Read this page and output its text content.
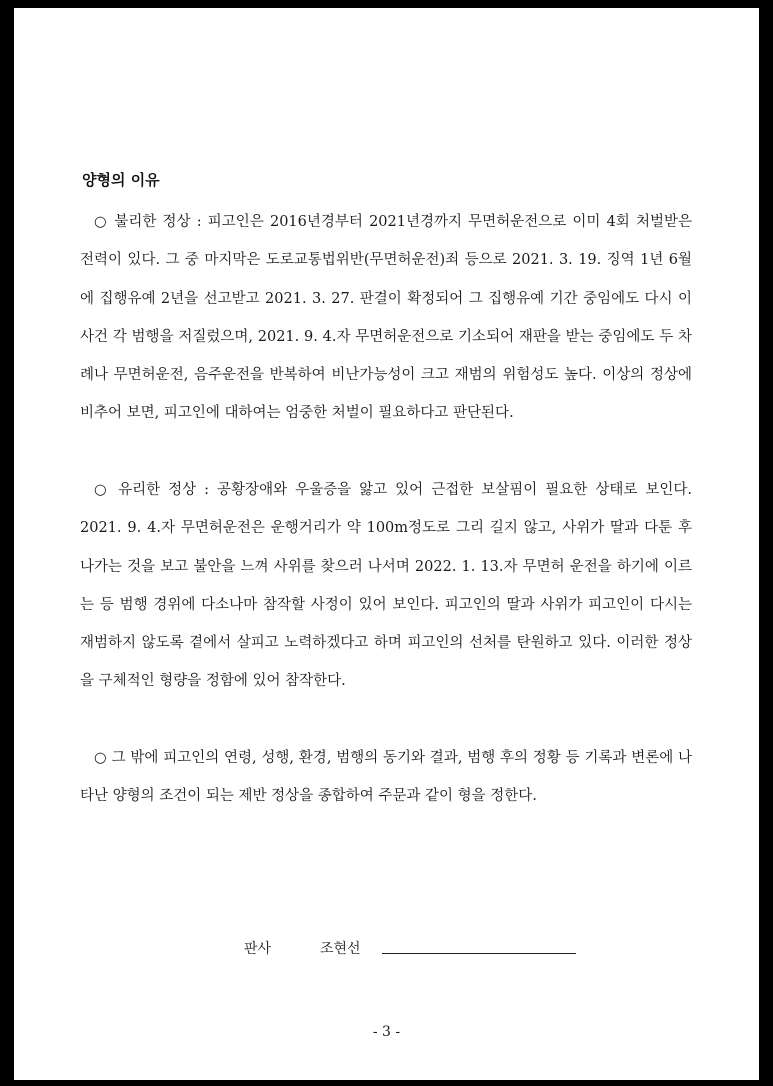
양형의 이유

○ 불리한 정상 : 피고인은 2016년경부터 2021년경까지 무면허운전으로 이미 4회 처벌받은 전력이 있다. 그 중 마지막은 도로교통법위반(무면허운전)죄 등으로 2021. 3. 19. 징역 1년 6월에 집행유예 2년을 선고받고 2021. 3. 27. 판결이 확정되어 그 집행유예 기간 중임에도 다시 이 사건 각 범행을 저질렀으며, 2021. 9. 4.자 무면허운전으로 기소되어 재판을 받는 중임에도 두 차례나 무면허운전, 음주운전을 반복하여 비난가능성이 크고 재범의 위험성도 높다. 이상의 정상에 비추어 보면, 피고인에 대하여는 엄중한 처벌이 필요하다고 판단된다.

○ 유리한 정상 : 공황장애와 우울증을 앓고 있어 근접한 보살핌이 필요한 상태로 보인다. 2021. 9. 4.자 무면허운전은 운행거리가 약 100m정도로 그리 길지 않고, 사위가 딸과 다툰 후 나가는 것을 보고 불안을 느껴 사위를 찾으러 나서며 2022. 1. 13.자 무면허 운전을 하기에 이르는 등 범행 경위에 다소나마 참작할 사정이 있어 보인다. 피고인의 딸과 사위가 피고인이 다시는 재범하지 않도록 곁에서 살피고 노력하겠다고 하며 피고인의 선처를 탄원하고 있다. 이러한 정상을 구체적인 형량을 정함에 있어 참작한다.

○ 그 밖에 피고인의 연령, 성행, 환경, 범행의 동기와 결과, 범행 후의 정황 등 기록과 변론에 나타난 양형의 조건이 되는 제반 정상을 종합하여 주문과 같이 형을 정한다.

판사	조현선
- 3 -
